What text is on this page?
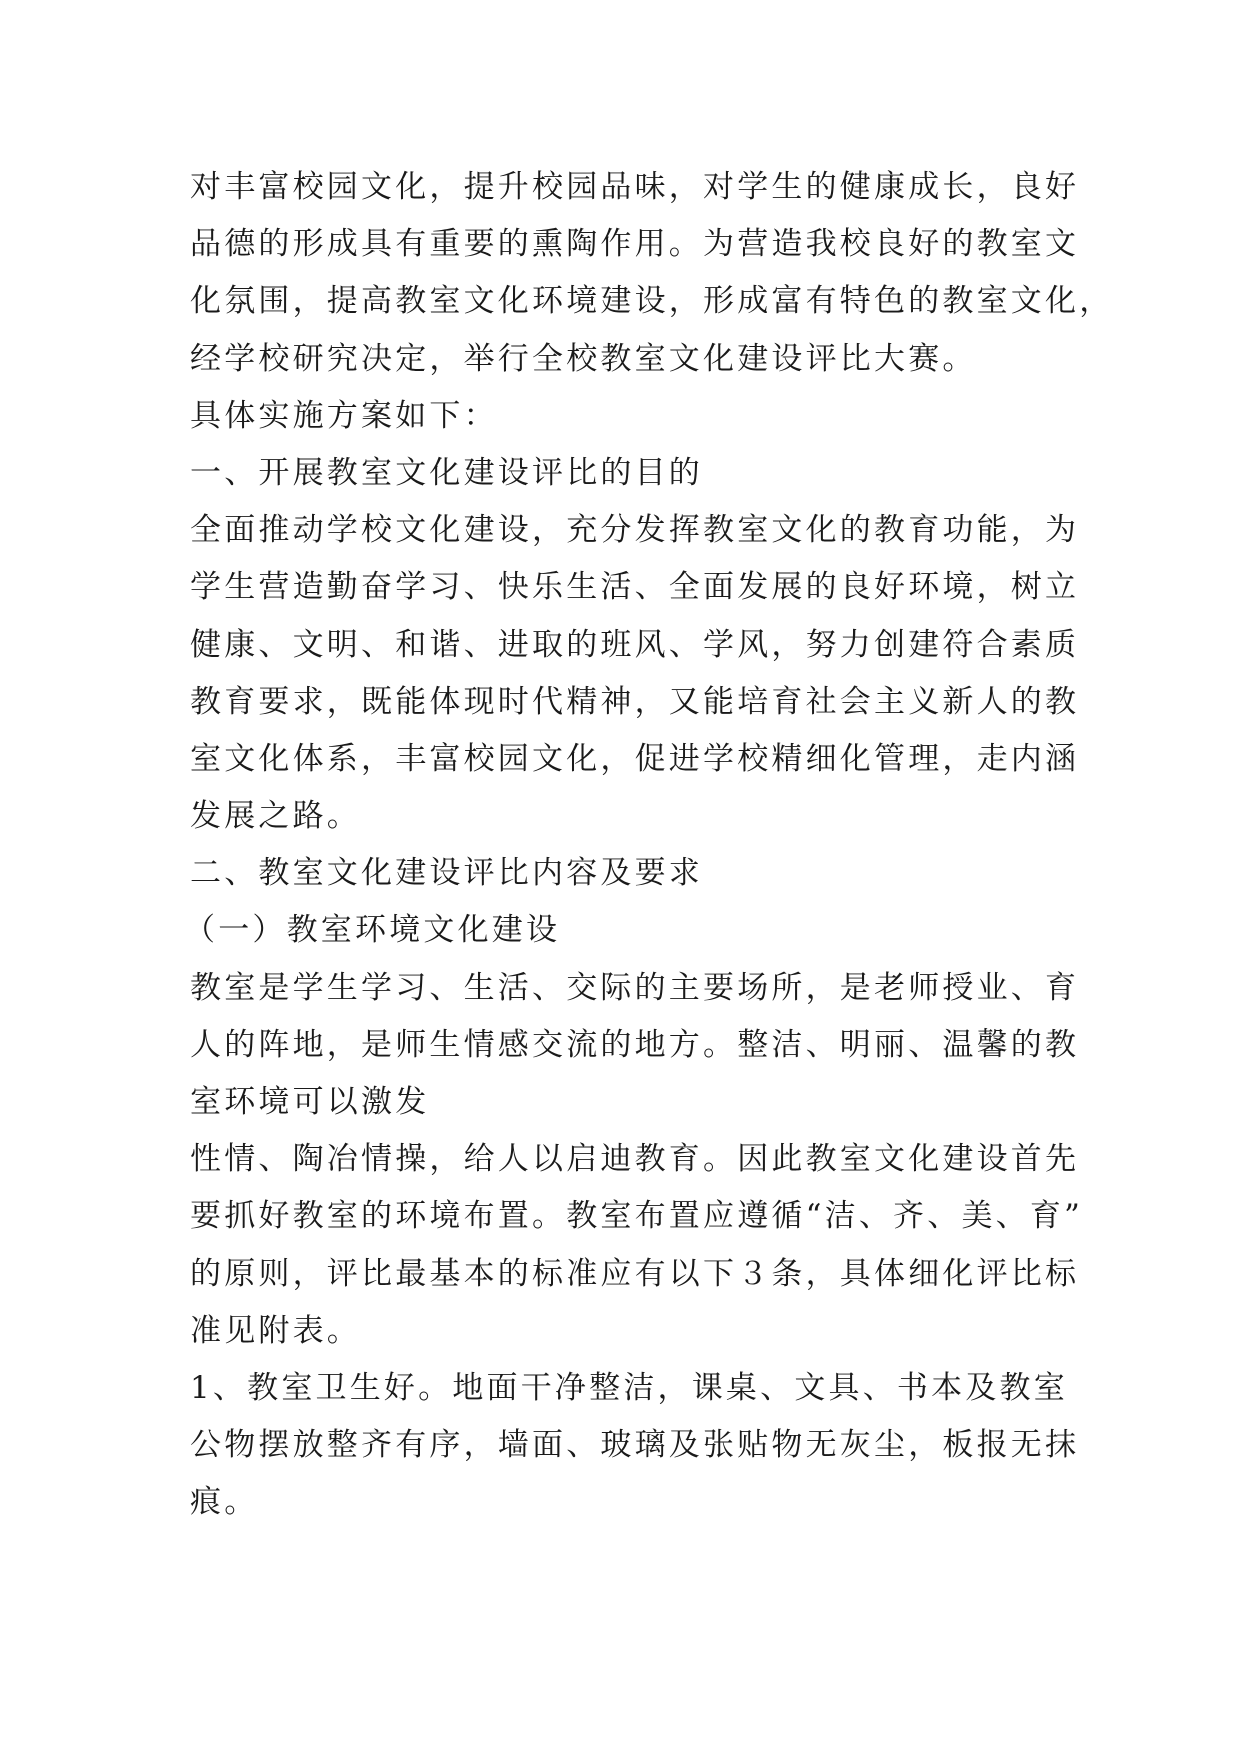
对丰富校园文化，提升校园品味，对学生的健康成长，良好
品德的形成具有重要的熏陶作用。为营造我校良好的教室文
化氛围，提高教室文化环境建设，形成富有特色的教室文化，
经学校研究决定，举行全校教室文化建设评比大赛。
具体实施方案如下：
一、开展教室文化建设评比的目的
全面推动学校文化建设，充分发挥教室文化的教育功能，为
学生营造勤奋学习、快乐生活、全面发展的良好环境，树立
健康、文明、和谐、进取的班风、学风，努力创建符合素质
教育要求，既能体现时代精神，又能培育社会主义新人的教
室文化体系，丰富校园文化，促进学校精细化管理，走内涵
发展之路。
二、教室文化建设评比内容及要求
（一）教室环境文化建设
教室是学生学习、生活、交际的主要场所，是老师授业、育
人的阵地，是师生情感交流的地方。整洁、明丽、温馨的教
室环境可以激发
性情、陶冶情操，给人以启迪教育。因此教室文化建设首先
要抓好教室的环境布置。教室布置应遵循“洁、齐、美、育”
的原则，评比最基本的标准应有以下３条，具体细化评比标
准见附表。
1、教室卫生好。地面干净整洁，课桌、文具、书本及教室
公物摆放整齐有序，墙面、玻璃及张贴物无灰尘，板报无抹
痕。
